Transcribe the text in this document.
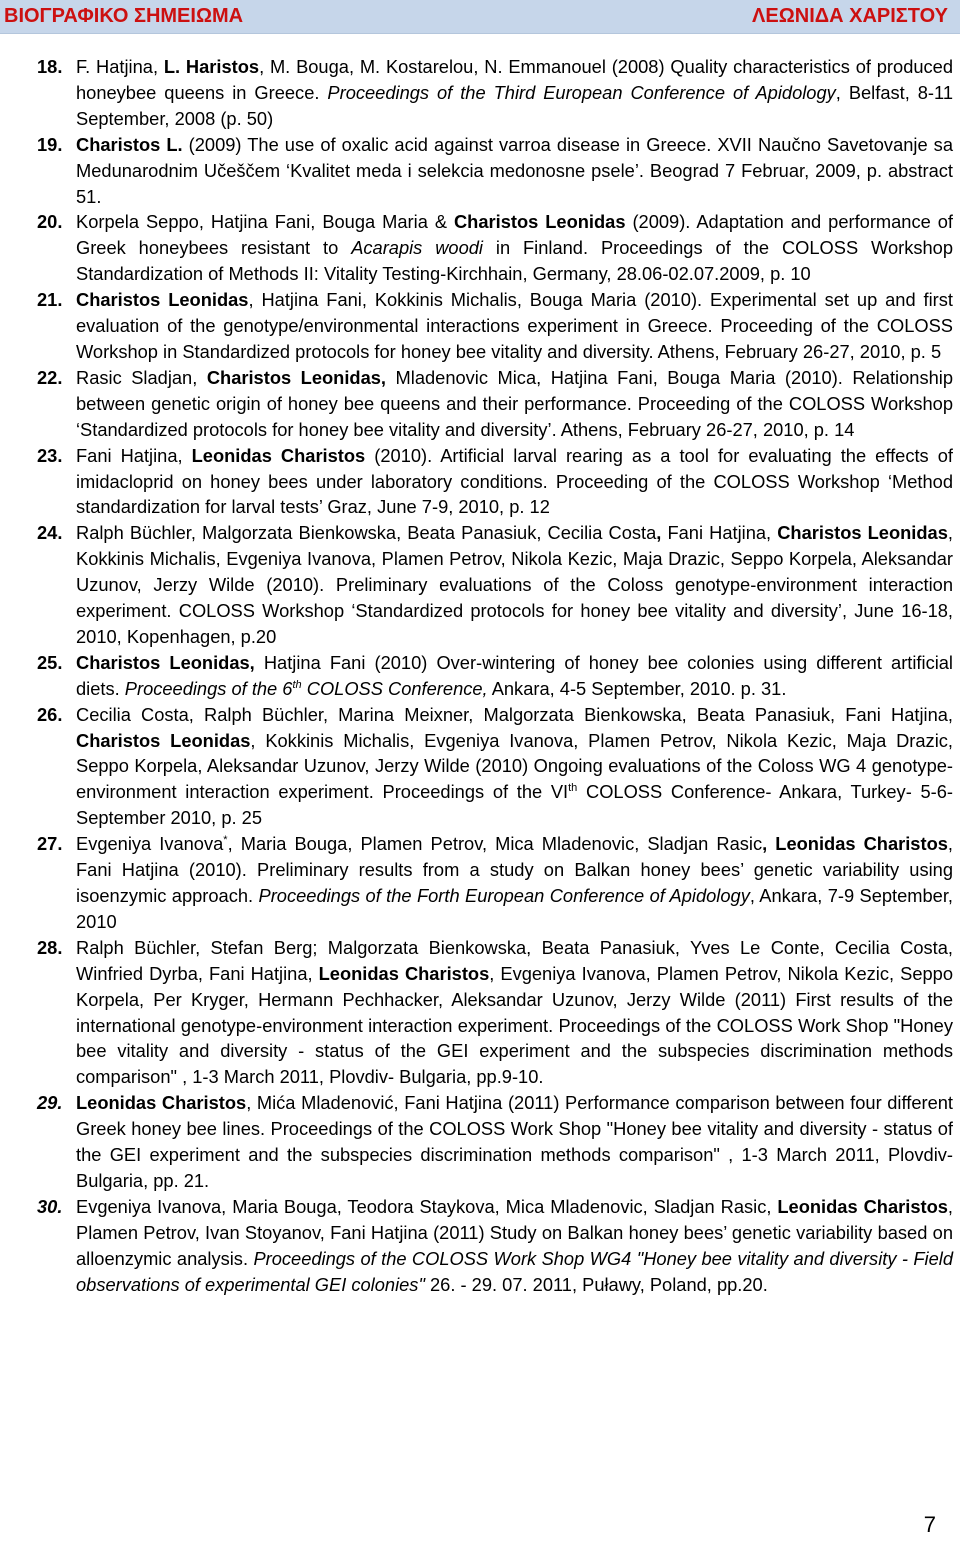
ΒΙΟΓΡΑΦΙΚΟ ΣΗΜΕΙΩΜΑ	ΛΕΩΝΙΔΑ ΧΑΡΙΣΤΟΥ
18. F. Hatjina, L. Haristos, M. Bouga, M. Kostarelou, N. Emmanouel (2008) Quality characteristics of produced honeybee queens in Greece. Proceedings of the Third European Conference of Apidology, Belfast, 8-11 September, 2008 (p. 50)
19. Charistos L. (2009) The use of oxalic acid against varroa disease in Greece. XVII Naučno Savetovanje sa Medunarodnim Učeščem ‘Kvalitet meda i selekcia medonosne psele’. Beograd 7 Februar, 2009, p. abstract 51.
20. Korpela Seppo, Hatjina Fani, Bouga Maria & Charistos Leonidas (2009). Adaptation and performance of Greek honeybees resistant to Acarapis woodi in Finland. Proceedings of the COLOSS Workshop Standardization of Methods II: Vitality Testing-Kirchhain, Germany, 28.06-02.07.2009, p. 10
21. Charistos Leonidas, Hatjina Fani, Kokkinis Michalis, Bouga Maria (2010). Experimental set up and first evaluation of the genotype/environmental interactions experiment in Greece. Proceeding of the COLOSS Workshop in Standardized protocols for honey bee vitality and diversity. Athens, February 26-27, 2010, p. 5
22. Rasic Sladjan, Charistos Leonidas, Mladenovic Mica, Hatjina Fani, Bouga Maria (2010). Relationship between genetic origin of honey bee queens and their performance. Proceeding of the COLOSS Workshop ‘Standardized protocols for honey bee vitality and diversity’. Athens, February 26-27, 2010, p. 14
23. Fani Hatjina, Leonidas Charistos (2010). Artificial larval rearing as a tool for evaluating the effects of imidacloprid on honey bees under laboratory conditions. Proceeding of the COLOSS Workshop ‘Method standardization for larval tests’ Graz, June 7-9, 2010, p. 12
24. Ralph Büchler, Malgorzata Bienkowska, Beata Panasiuk, Cecilia Costa, Fani Hatjina, Charistos Leonidas, Kokkinis Michalis, Evgeniya Ivanova, Plamen Petrov, Nikola Kezic, Maja Drazic, Seppo Korpela, Aleksandar Uzunov, Jerzy Wilde (2010). Preliminary evaluations of the Coloss genotype-environment interaction experiment. COLOSS Workshop ‘Standardized protocols for honey bee vitality and diversity’, June 16-18, 2010, Kopenhagen, p.20
25. Charistos Leonidas, Hatjina Fani (2010) Over-wintering of honey bee colonies using different artificial diets. Proceedings of the 6th COLOSS Conference, Ankara, 4-5 September, 2010. p. 31.
26. Cecilia Costa, Ralph Büchler, Marina Meixner, Malgorzata Bienkowska, Beata Panasiuk, Fani Hatjina, Charistos Leonidas, Kokkinis Michalis, Evgeniya Ivanova, Plamen Petrov, Nikola Kezic, Maja Drazic, Seppo Korpela, Aleksandar Uzunov, Jerzy Wilde (2010) Ongoing evaluations of the Coloss WG 4 genotype-environment interaction experiment. Proceedings of the VIth COLOSS Conference- Ankara, Turkey- 5-6- September 2010, p. 25
27. Evgeniya Ivanova*, Maria Bouga, Plamen Petrov, Mica Mladenovic, Sladjan Rasic, Leonidas Charistos, Fani Hatjina (2010). Preliminary results from a study on Balkan honey bees’ genetic variability using isoenzymic approach. Proceedings of the Forth European Conference of Apidology, Ankara, 7-9 September, 2010
28. Ralph Büchler, Stefan Berg; Malgorzata Bienkowska, Beata Panasiuk, Yves Le Conte, Cecilia Costa, Winfried Dyrba, Fani Hatjina, Leonidas Charistos, Evgeniya Ivanova, Plamen Petrov, Nikola Kezic, Seppo Korpela, Per Kryger, Hermann Pechhacker, Aleksandar Uzunov, Jerzy Wilde (2011) First results of the international genotype-environment interaction experiment. Proceedings of the COLOSS Work Shop "Honey bee vitality and diversity - status of the GEI experiment and the subspecies discrimination methods comparison" , 1-3 March 2011, Plovdiv- Bulgaria, pp.9-10.
29. Leonidas Charistos, Mića Mladenović, Fani Hatjina (2011) Performance comparison between four different Greek honey bee lines. Proceedings of the COLOSS Work Shop "Honey bee vitality and diversity - status of the GEI experiment and the subspecies discrimination methods comparison" , 1-3 March 2011, Plovdiv- Bulgaria, pp. 21.
30. Evgeniya Ivanova, Maria Bouga, Teodora Staykova, Mica Mladenovic, Sladjan Rasic, Leonidas Charistos, Plamen Petrov, Ivan Stoyanov, Fani Hatjina (2011) Study on Balkan honey bees’ genetic variability based on alloenzymic analysis. Proceedings of the COLOSS Work Shop WG4 "Honey bee vitality and diversity - Field observations of experimental GEI colonies" 26. - 29. 07. 2011, Puławy, Poland, pp.20.
7
